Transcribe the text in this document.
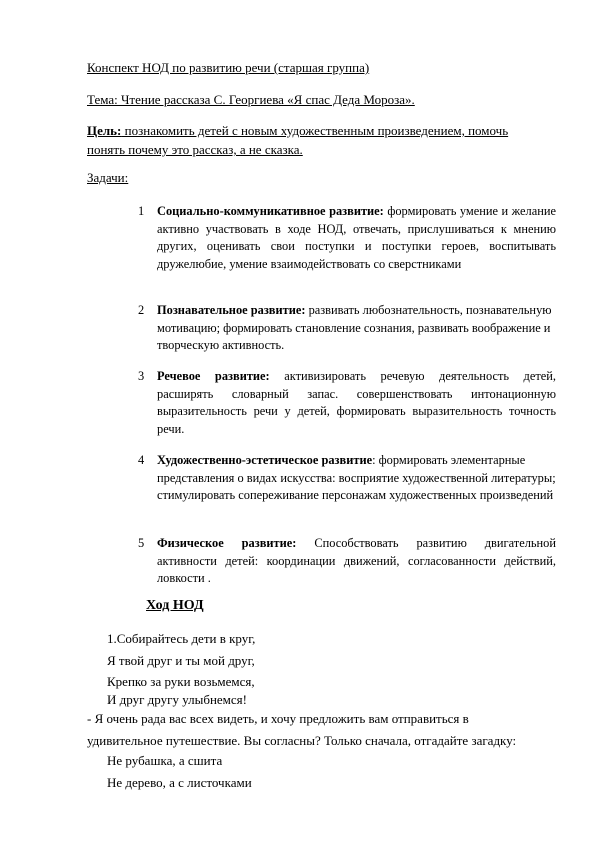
Конспект НОД по развитию речи (старшая группа)
Тема: Чтение рассказа С. Георгиева «Я спас Деда Мороза».
Цель: познакомить детей с новым художественным произведением, помочь понять почему это рассказ, а не сказка.
Задачи:
1 Социально-коммуникативное развитие: формировать умение и желание активно участвовать в ходе НОД, отвечать, прислушиваться к мнению других, оценивать свои поступки и поступки героев, воспитывать дружелюбие, умение взаимодействовать со сверстниками
2 Познавательное развитие: развивать любознательность, познавательную мотивацию; формировать становление сознания, развивать воображение и творческую активность.
3 Речевое развитие: активизировать речевую деятельность детей, расширять словарный запас. совершенствовать интонационную выразительность речи у детей, формировать выразительность точность речи.
4 Художественно-эстетическое развитие: формировать элементарные представления о видах искусства: восприятие художественной литературы; стимулировать сопереживание персонажам художественных произведений
5 Физическое развитие: Способствовать развитию двигательной активности детей: координации движений, согласованности действий, ловкости .
Ход НОД
1.Собирайтесь дети в круг,
Я твой друг и ты мой друг,
Крепко за руки возьмемся,
И друг другу улыбнемся!
- Я очень рада вас всех видеть, и хочу предложить вам отправиться в удивительное путешествие. Вы согласны? Только сначала, отгадайте загадку:
Не рубашка, а сшита
Не дерево, а с листочками
